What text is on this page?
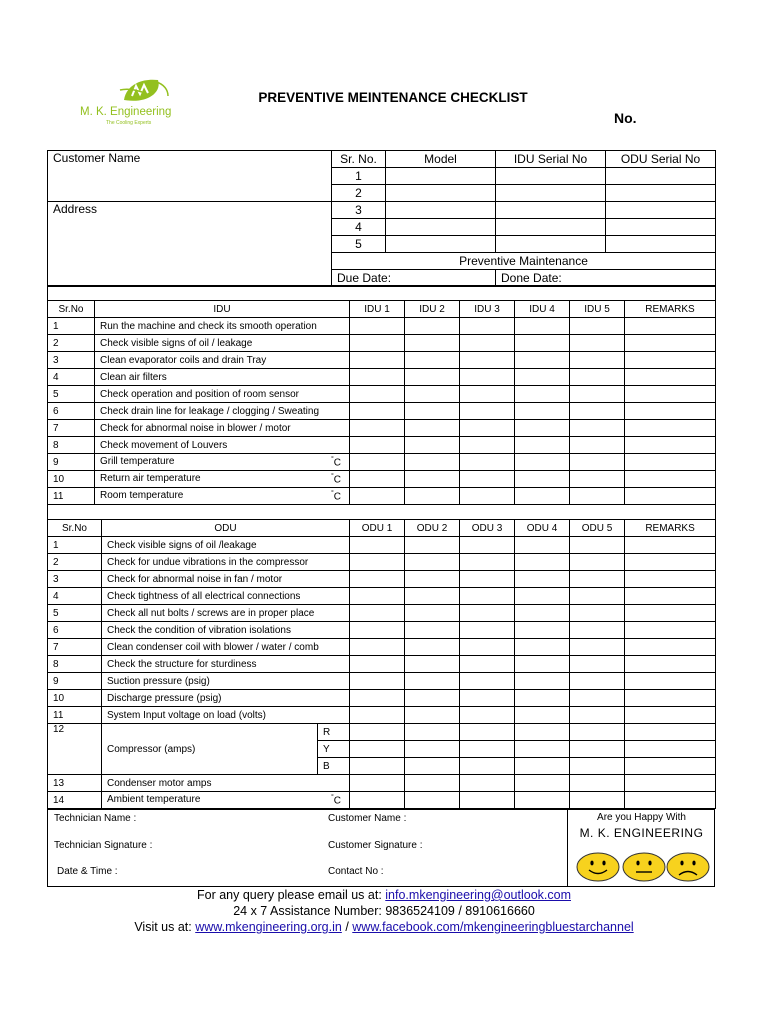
M. K. Engineering
The Cooling Experts
PREVENTIVE MEINTENANCE CHECKLIST
No.
Customer Name	Sr. No.	Model	IDU Serial No	ODU Serial No
	1			
	2			
Address	3			
	4			
	5			
	Preventive Maintenance			
	Due Date:		Done Date:	

Sr.No	IDU	IDU 1	IDU 2	IDU 3	IDU 4	IDU 5	REMARKS
1	Run the machine and check its smooth operation						
2	Check visible signs of oil / leakage						
3	Clean evaporator coils and drain Tray						
4	Clean air filters						
5	Check operation and position of room sensor						
6	Check drain line for leakage / clogging / Sweating						
7	Check for abnormal noise in blower / motor						
8	Check movement of Louvers						
9	Grill temperature °C						

10	Return air temperature °C						

11	Room temperature °C						

Sr.No	ODU		ODU 1	ODU 2	ODU 3	ODU 4	ODU 5	REMARKS
1	Check visible signs of oil /leakage							
2	Check for undue vibrations in the compressor							
3	Check for abnormal noise in fan / motor							
4	Check tightness of all electrical connections							
5	Check all nut bolts / screws are in proper place							
6	Check the condition of vibration isolations							
7	Clean condenser coil with blower / water / comb							
8	Check the structure for sturdiness							
9	Suction pressure (psig)							
10	Discharge pressure (psig)							
11	System Input voltage on load (volts)							
12	Compressor (amps)	R						
		Y						
		B						
13	Condenser motor amps							
14	Ambient temperature °C							

Technician Name :
Technician Signature :
Date & Time :
Customer Name :
Customer Signature :
Contact No :
Are you Happy With
M. K. ENGINEERING
For any query please email us at: info.mkengineering@outlook.com
24 x 7 Assistance Number: 9836524109 / 8910616660
Visit us at: www.mkengineering.org.in / www.facebook.com/mkengineeringbluestarchannel
